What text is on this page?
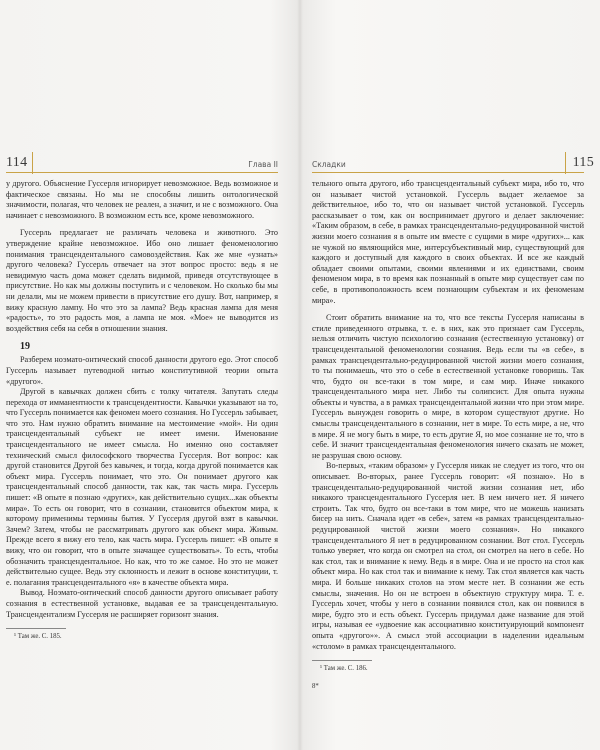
114	Глава II

у другого. Объяснение Гуссерля игнорирует невозможное. Ведь возможное и фактическое связаны. Но мы не способны лишить онтологической значимости, полагая, что человек не реален, а значит, и не с возможного. Она начинает с невозможного. В возможном есть все, кроме невозможного.

Гуссерль предлагает не различать человека и животного. Это утверждение крайне невозможное. Ибо оно лишает феноменологию понимания трансцендентального самовоздействия. Как же мне «узнать» другого человека? Гуссерль отвечает на этот вопрос просто: ведь я не невидимую часть дома может сделать видимой, приведя отсутствующее в присутствие. Но как мы должны поступить и с человеком. Но сколько бы мы ни делали, мы не можем привести в присутствие его душу. Вот, например, я вижу красную лампу. Но что это за лампа? Ведь красная лампа для меня «радость», то это радость моя, а лампа не моя. «Мое» не выводится из воздействия себя на себя в отношении знания.

19

Разберем ноэмато-онтический способ данности другого ego. Этот способ Гуссерль называет путеводной нитью конститутивной теории опыта «другого».

Другой в кавычках должен сбить с толку читателя. Запутать следы перехода от имманентности к трансцендентности. Кавычки указывают на то, что Гуссерль понимается как феномен моего сознания. Но Гуссерль забывает, что это. Нам нужно обратить внимание на местоимение «мой». Ни один трансцендентальный субъект не имеет имени. Именование трансцендентального не имеет смысла. Но именно оно составляет технический смысл философского творчества Гуссерля. Вот вопрос: как другой становится Другой без кавычек, и тогда, когда другой понимается как объект мира. Гуссерль понимает, что это. Он понимает другого как трансцендентальный способ данности, так как, так часть мира. Гуссерль пишет: «В опыте я познаю «других», как действительно сущих...как объекты мира». То есть он говорит, что в сознании, становится объектом мира, к которому применимы термины бытия. У Гуссерля другой взят в кавычки. Зачем? Затем, чтобы не рассматривать другого как объект мира. Живым. Прежде всего я вижу его тело, как часть мира. Гуссерль пишет: «В опыте я вижу, что он говорит, что в опыте значащее существовать». То есть, чтобы обозначить трансцендентальное. Но как, что то же самое. Но это не может действительно сущее. Ведь эту склонность и лежит в основе конституции, т. е. полагания трансцендентального «я» в качестве объекта мира.

Вывод. Ноэмато-онтический способ данности другого описывает работу сознания в естественной установке, выдавая ее за трансцендентальную. Трансцендентализм Гуссерля не расширяет горизонт знания.

¹ Там же. С. 185.
Складки	115

тельного опыта другого, ибо трансцендентальный субъект мира, ибо то, что он называет чистой установкой. Гуссерль выдает желаемое за действительное, ибо то, что он называет чистой установкой. Гуссерль рассказывает о том, как он воспринимает другого и делает заключение: «Таким образом, в себе, в рамках трансцендентально-редуцированной чистой жизни моего сознания я в опыте им вместе с сущими в мире «других»... как не чужой но являющийся мне, интерсубъективный мир, существующий для каждого и доступный для каждого в своих объектах. И все же каждый обладает своими опытами, своими явлениями и их единствами, своим феноменом мира, в то время как познанный в опыте мир существует сам по себе, в противоположность всем познающим субъектам и их феноменам мира».

Стоит обратить внимание на то, что все тексты Гуссерля написаны в стиле приведенного отрывка, т. е. в них, как это признает сам Гуссерль, нельзя отличить чистую психологию сознания (естественную установку) от трансцендентальной феноменологии сознания. Ведь если ты «в себе», в рамках трансцендентально-редуцированной чистой жизни моего сознания, то ты понимаешь, что это о себе в естественной установке говоришь. Так что, будто он все-таки в том мире, и сам мир. Иначе никакого трансцендентального мира нет. Либо ты солипсист. Для опыта нужны объекты и чувства, а в рамках трансцендентальной жизни что при этом мире. Гуссерль вынужден говорить о мире, в котором существуют другие. Но смыслы трансцендентального в сознании, нет в мире. То есть мире, а не, что в мире. Я не могу быть в мире, то есть другие Я, но мое сознание не то, что в себе. И значит трансцендентальная феноменология ничего сказать не может, не разрушая свою основу.

Во-первых, «таким образом» у Гуссерля никак не следует из того, что он описывает. Во-вторых, ранее Гуссерль говорит: «Я познаю». Но в трансцендентально-редуцированной чистой жизни сознания нет, ибо никакого трансцендентального Гуссерля нет. В нем ничего нет. Я ничего строить. Так что, будто он все-таки в том мире, что не можешь нанизать бисер на нить. Сначала идет «в себе», затем «в рамках трансцендентально-редуцированной чистой жизни моего сознания». Но никакого трансцендентального Я нет в редуцированном сознании. Вот стол. Гуссерль только уверяет, что когда он смотрел на стол, он смотрел на него в себе. Но как стол, так и внимание к нему. Ведь я в мире. Она и не просто на стол как объект мира. Но как стол так и внимание к нему. Так стол является как часть мира. И больше никаких столов на этом месте нет. В сознании же есть смыслы, значения. Но он не встроен в объектную структуру мира. Т. е. Гуссерль хочет, чтобы у него в сознании появился стол, как он появился в мире, будто это и есть объект. Гуссерль придумал даже название для этой игры, называя ее «удвоение как ассоциативно конституирующий компонент опыта «другого»». А смысл этой ассоциации в наделении идеальным «столом» в рамках трансцендентального.

¹ Там же. С. 186.
8*
